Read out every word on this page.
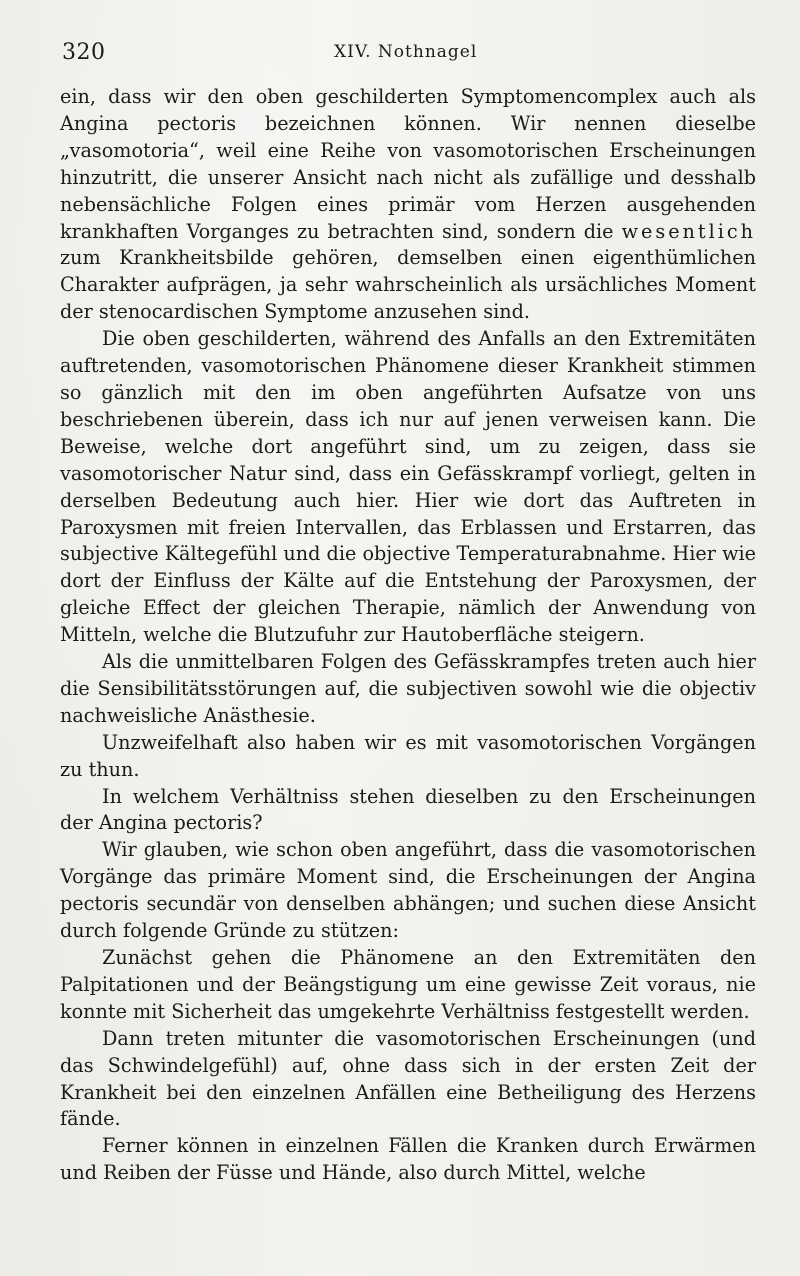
320	XIV. Nothnagel

ein, dass wir den oben geschilderten Symptomencomplex auch als Angina pectoris bezeichnen können. Wir nennen dieselbe „vasomotoria“, weil eine Reihe von vasomotorischen Erscheinungen hinzutritt, die unserer Ansicht nach nicht als zufällige und desshalb nebensächliche Folgen eines primär vom Herzen ausgehenden krankhaften Vorganges zu betrachten sind, sondern die wesentlich zum Krankheitsbilde gehören, demselben einen eigenthümlichen Charakter aufprägen, ja sehr wahrscheinlich als ursächliches Moment der stenocardischen Symptome anzusehen sind.

Die oben geschilderten, während des Anfalls an den Extremitäten auftretenden, vasomotorischen Phänomene dieser Krankheit stimmen so gänzlich mit den im oben angeführten Aufsatze von uns beschriebenen überein, dass ich nur auf jenen verweisen kann. Die Beweise, welche dort angeführt sind, um zu zeigen, dass sie vasomotorischer Natur sind, dass ein Gefässkrampf vorliegt, gelten in derselben Bedeutung auch hier. Hier wie dort das Auftreten in Paroxysmen mit freien Intervallen, das Erblassen und Erstarren, das subjective Kältegefühl und die objective Temperaturabnahme. Hier wie dort der Einfluss der Kälte auf die Entstehung der Paroxysmen, der gleiche Effect der gleichen Therapie, nämlich der Anwendung von Mitteln, welche die Blutzufuhr zur Hautoberfläche steigern.

Als die unmittelbaren Folgen des Gefässkrampfes treten auch hier die Sensibilitätsstörungen auf, die subjectiven sowohl wie die objectiv nachweisliche Anästhesie.

Unzweifelhaft also haben wir es mit vasomotorischen Vorgängen zu thun.

In welchem Verhältniss stehen dieselben zu den Erscheinungen der Angina pectoris?

Wir glauben, wie schon oben angeführt, dass die vasomotorischen Vorgänge das primäre Moment sind, die Erscheinungen der Angina pectoris secundär von denselben abhängen; und suchen diese Ansicht durch folgende Gründe zu stützen:

Zunächst gehen die Phänomene an den Extremitäten den Palpitationen und der Beängstigung um eine gewisse Zeit voraus, nie konnte mit Sicherheit das umgekehrte Verhältniss festgestellt werden.

Dann treten mitunter die vasomotorischen Erscheinungen (und das Schwindelgefühl) auf, ohne dass sich in der ersten Zeit der Krankheit bei den einzelnen Anfällen eine Betheiligung des Herzens fände.

Ferner können in einzelnen Fällen die Kranken durch Erwärmen und Reiben der Füsse und Hände, also durch Mittel, welche
